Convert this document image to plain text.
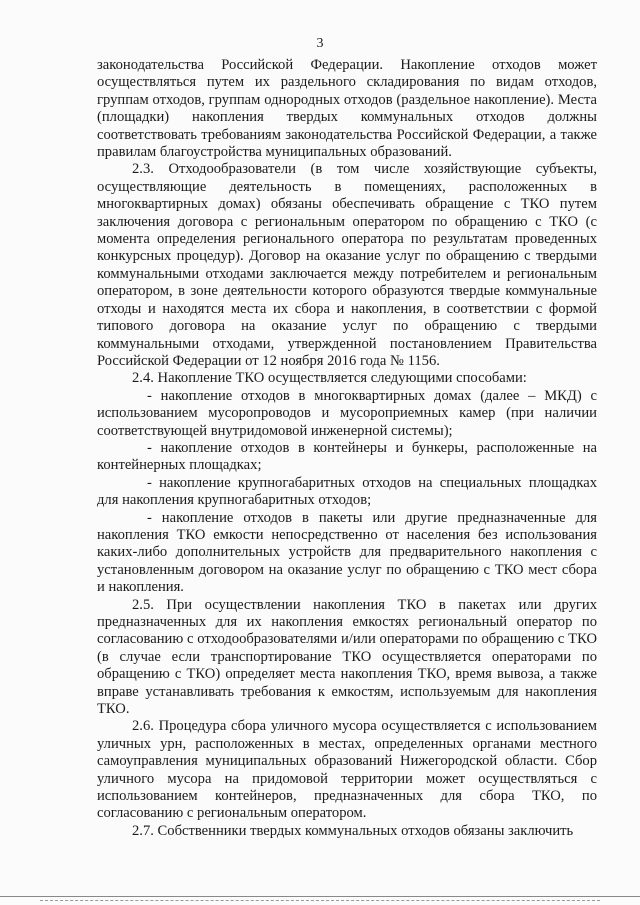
3

законодательства Российской Федерации. Накопление отходов может осуществляться путем их раздельного складирования по видам отходов, группам отходов, группам однородных отходов (раздельное накопление). Места (площадки) накопления твердых коммунальных отходов должны соответствовать требованиям законодательства Российской Федерации, а также правилам благоустройства муниципальных образований.

2.3. Отходообразователи (в том числе хозяйствующие субъекты, осуществляющие деятельность в помещениях, расположенных в многоквартирных домах) обязаны обеспечивать обращение с ТКО путем заключения договора с региональным оператором по обращению с ТКО (с момента определения регионального оператора по результатам проведенных конкурсных процедур). Договор на оказание услуг по обращению с твердыми коммунальными отходами заключается между потребителем и региональным оператором, в зоне деятельности которого образуются твердые коммунальные отходы и находятся места их сбора и накопления, в соответствии с формой типового договора на оказание услуг по обращению с твердыми коммунальными отходами, утвержденной постановлением Правительства Российской Федерации от 12 ноября 2016 года № 1156.

2.4. Накопление ТКО осуществляется следующими способами:

- накопление отходов в многоквартирных домах (далее – МКД) с использованием мусоропроводов и мусороприемных камер (при наличии соответствующей внутридомовой инженерной системы);

- накопление отходов в контейнеры и бункеры, расположенные на контейнерных площадках;

- накопление крупногабаритных отходов на специальных площадках для накопления крупногабаритных отходов;

- накопление отходов в пакеты или другие предназначенные для накопления ТКО емкости непосредственно от населения без использования каких-либо дополнительных устройств для предварительного накопления с установленным договором на оказание услуг по обращению с ТКО мест сбора и накопления.

2.5. При осуществлении накопления ТКО в пакетах или других предназначенных для их накопления емкостях региональный оператор по согласованию с отходообразователями и/или операторами по обращению с ТКО (в случае если транспортирование ТКО осуществляется операторами по обращению с ТКО) определяет места накопления ТКО, время вывоза, а также вправе устанавливать требования к емкостям, используемым для накопления ТКО.

2.6. Процедура сбора уличного мусора осуществляется с использованием уличных урн, расположенных в местах, определенных органами местного самоуправления муниципальных образований Нижегородской области. Сбор уличного мусора на придомовой территории может осуществляться с использованием контейнеров, предназначенных для сбора ТКО, по согласованию с региональным оператором.

2.7. Собственники твердых коммунальных отходов обязаны заключить
